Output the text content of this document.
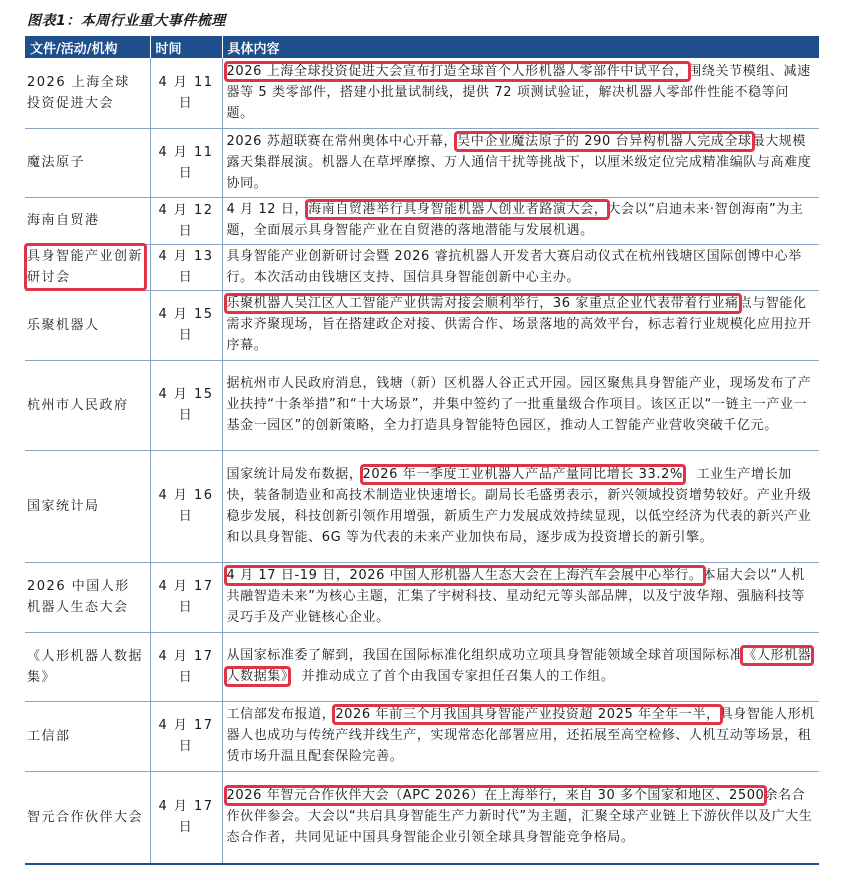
图表1：本周行业重大事件梳理
文件/活动/机构	时间	具体内容
2026 上海全球投资促进大会	4 月 11 日	2026 上海全球投资促进大会宣布打造全球首个人形机器人零部件中试平台，围绕关节模组、减速器等 5 类零部件，搭建小批量试制线，提供 72 项测试验证，解决机器人零部件性能不稳等问题。
魔法原子	4 月 11 日	2026 苏超联赛在常州奥体中心开幕，吴中企业魔法原子的 290 台异构机器人完成全球最大规模露天集群展演。机器人在草坪摩擦、万人通信干扰等挑战下，以厘米级定位完成精准编队与高难度协同。
海南自贸港	4 月 12 日	4 月 12 日，海南自贸港举行具身智能机器人创业者路演大会，大会以“启迪未来·智创海南”为主题，全面展示具身智能产业在自贸港的落地潜能与发展机遇。
具身智能产业创新研讨会	4 月 13 日	具身智能产业创新研讨会暨 2026 睿抗机器人开发者大赛启动仪式在杭州钱塘区国际创博中心举行。本次活动由钱塘区支持、国信具身智能创新中心主办。
乐聚机器人	4 月 15 日	乐聚机器人吴江区人工智能产业供需对接会顺利举行，36 家重点企业代表带着行业痛点与智能化需求齐聚现场，旨在搭建政企对接、供需合作、场景落地的高效平台，标志着行业规模化应用拉开序幕。
杭州市人民政府	4 月 15 日	据杭州市人民政府消息，钱塘（新）区机器人谷正式开园。园区聚焦具身智能产业，现场发布了产业扶持“十条举措”和“十大场景”，并集中签约了一批重量级合作项目。该区正以“一链主一产业一基金一园区”的创新策略，全力打造具身智能特色园区，推动人工智能产业营收突破千亿元。
国家统计局	4 月 16 日	国家统计局发布数据，2026 年一季度工业机器人产品产量同比增长 33.2%，工业生产增长加快，装备制造业和高技术制造业快速增长。副局长毛盛勇表示，新兴领域投资增势较好。产业升级稳步发展，科技创新引领作用增强，新质生产力发展成效持续显现，以低空经济为代表的新兴产业和以具身智能、6G 等为代表的未来产业加快布局，逐步成为投资增长的新引擎。
2026 中国人形机器人生态大会	4 月 17 日	4 月 17 日-19 日，2026 中国人形机器人生态大会在上海汽车会展中心举行。本届大会以“人机共融智造未来”为核心主题，汇集了宇树科技、星动纪元等头部品牌，以及宁波华翔、强脑科技等灵巧手及产业链核心企业。
《人形机器人数据集》	4 月 17 日	从国家标准委了解到，我国在国际标准化组织成功立项具身智能领域全球首项国际标准《人形机器人数据集》，并推动成立了首个由我国专家担任召集人的工作组。
工信部	4 月 17 日	工信部发布报道，2026 年前三个月我国具身智能产业投资超 2025 年全年一半，具身智能人形机器人也成功与传统产线并线生产，实现常态化部署应用，还拓展至高空检修、人机互动等场景，租赁市场升温且配套保险完善。
智元合作伙伴大会	4 月 17 日	2026 年智元合作伙伴大会（APC 2026）在上海举行，来自 30 多个国家和地区、2500余名合作伙伴参会。大会以“共启具身智能生产力新时代”为主题，汇聚全球产业链上下游伙伴以及广大生态合作者，共同见证中国具身智能企业引领全球具身智能竞争格局。
